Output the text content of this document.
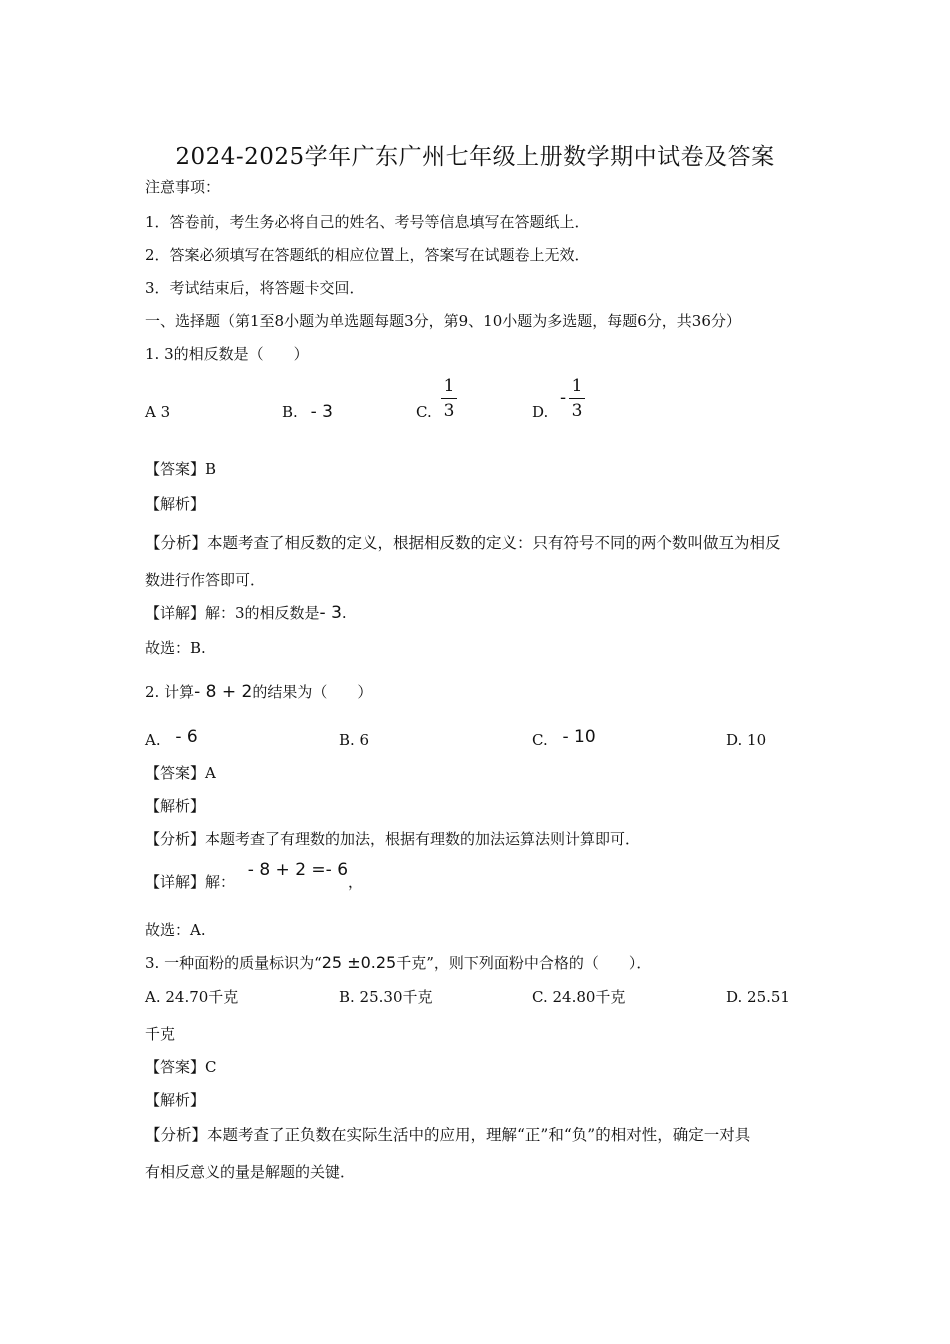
2024-2025学年广东广州七年级上册数学期中试卷及答案
注意事项：
1．答卷前，考生务必将自己的姓名、考号等信息填写在答题纸上．
2．答案必须填写在答题纸的相应位置上，答案写在试题卷上无效．
3．考试结束后，将答题卡交回．
一、选择题（第1至8小题为单选题每题3分，第9、10小题为多选题，每题6分，共36分）
1. 3的相反数是（　　）
A 3	B. - 3	C.
1
3	D.
-
1
3
【答案】B
【解析】
【分析】本题考查了相反数的定义，根据相反数的定义：只有符号不同的两个数叫做互为相反
数进行作答即可．
【详解】解：3的相反数是- 3.
故选：B.
2. 计算- 8 + 2的结果为（　　）
A. - 6	B. 6	C. - 10	D. 10
【答案】A
【解析】
【分析】本题考查了有理数的加法，根据有理数的加法运算法则计算即可．
【详解】解： - 8 + 2 =- 6，
故选：A.
3. 一种面粉的质量标识为“25 ±0.25千克”，则下列面粉中合格的（　　）．
A. 24.70千克	B. 25.30千克	C. 24.80千克	D. 25.51
千克
【答案】C
【解析】
【分析】本题考查了正负数在实际生活中的应用，理解“正”和“负”的相对性，确定一对具
有相反意义的量是解题的关键．
